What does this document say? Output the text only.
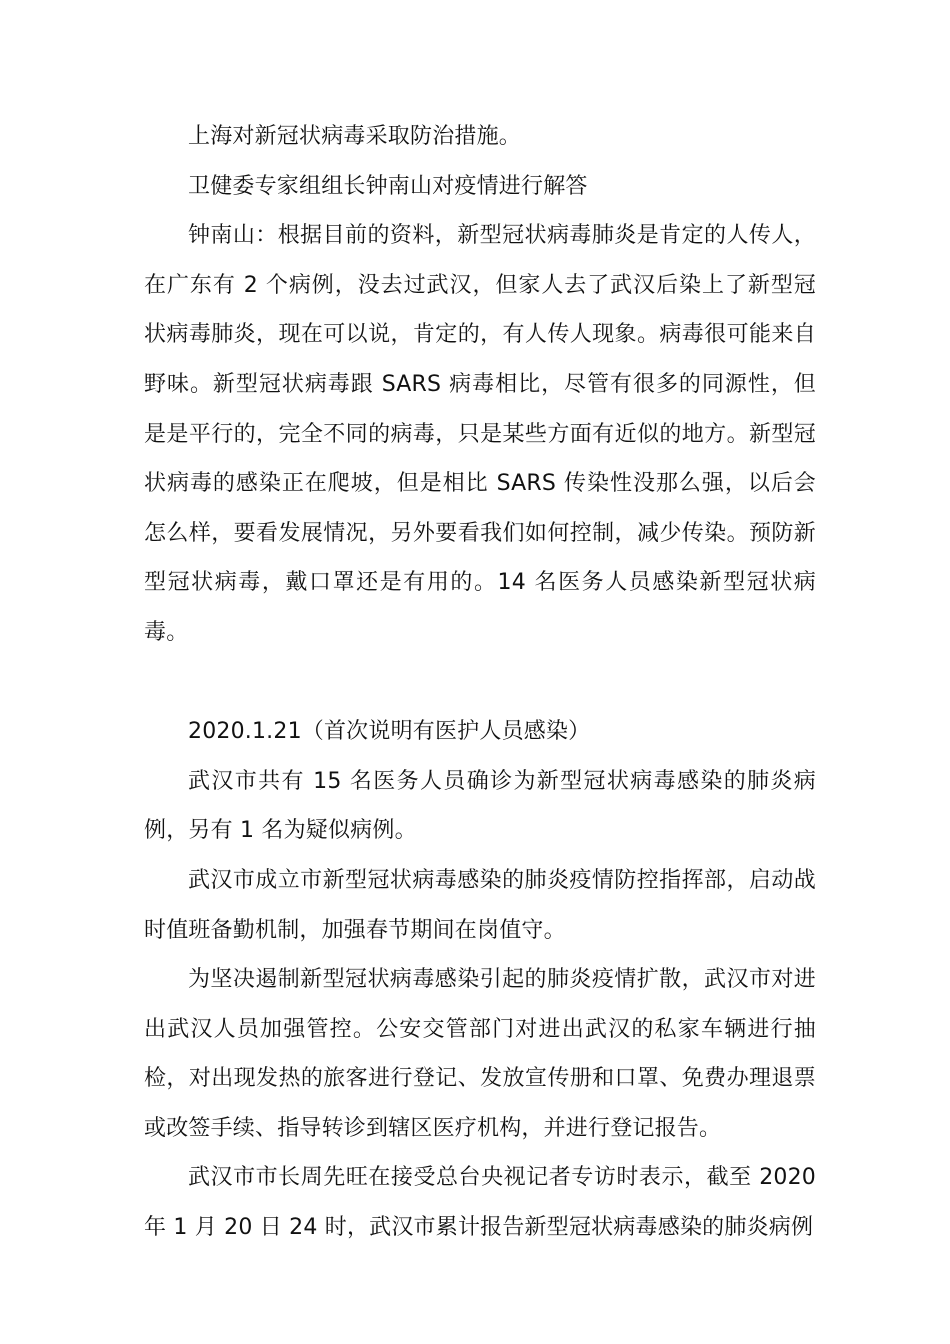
上海对新冠状病毒采取防治措施。

卫健委专家组组长钟南山对疫情进行解答

钟南山：根据目前的资料，新型冠状病毒肺炎是肯定的人传人，在广东有 2 个病例，没去过武汉，但家人去了武汉后染上了新型冠状病毒肺炎，现在可以说，肯定的，有人传人现象。病毒很可能来自野味。新型冠状病毒跟 SARS 病毒相比，尽管有很多的同源性，但是是平行的，完全不同的病毒，只是某些方面有近似的地方。新型冠状病毒的感染正在爬坡，但是相比 SARS 传染性没那么强，以后会怎么样，要看发展情况，另外要看我们如何控制，减少传染。预防新型冠状病毒，戴口罩还是有用的。14 名医务人员感染新型冠状病毒。

2020.1.21（首次说明有医护人员感染）

武汉市共有 15 名医务人员确诊为新型冠状病毒感染的肺炎病例，另有 1 名为疑似病例。

武汉市成立市新型冠状病毒感染的肺炎疫情防控指挥部，启动战时值班备勤机制，加强春节期间在岗值守。

为坚决遏制新型冠状病毒感染引起的肺炎疫情扩散，武汉市对进出武汉人员加强管控。公安交管部门对进出武汉的私家车辆进行抽检，对出现发热的旅客进行登记、发放宣传册和口罩、免费办理退票或改签手续、指导转诊到辖区医疗机构，并进行登记报告。

武汉市市长周先旺在接受总台央视记者专访时表示，截至 2020 年 1 月 20 日 24 时，武汉市累计报告新型冠状病毒感染的肺炎病例
